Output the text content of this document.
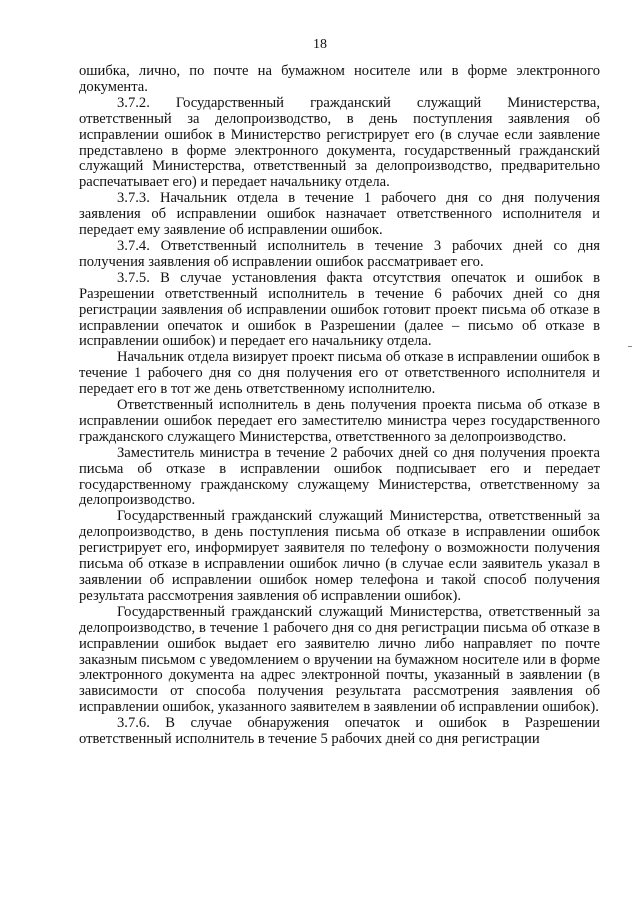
18

ошибка, лично, по почте на бумажном носителе или в форме электронного документа.

3.7.2. Государственный гражданский служащий Министерства, ответственный за делопроизводство, в день поступления заявления об исправлении ошибок в Министерство регистрирует его (в случае если заявление представлено в форме электронного документа, государственный гражданский служащий Министерства, ответственный за делопроизводство, предварительно распечатывает его) и передает начальнику отдела.

3.7.3. Начальник отдела в течение 1 рабочего дня со дня получения заявления об исправлении ошибок назначает ответственного исполнителя и передает ему заявление об исправлении ошибок.

3.7.4. Ответственный исполнитель в течение 3 рабочих дней со дня получения заявления об исправлении ошибок рассматривает его.

3.7.5. В случае установления факта отсутствия опечаток и ошибок в Разрешении ответственный исполнитель в течение 6 рабочих дней со дня регистрации заявления об исправлении ошибок готовит проект письма об отказе в исправлении опечаток и ошибок в Разрешении (далее – письмо об отказе в исправлении ошибок) и передает его начальнику отдела.

Начальник отдела визирует проект письма об отказе в исправлении ошибок в течение 1 рабочего дня со дня получения его от ответственного исполнителя и передает его в тот же день ответственному исполнителю.

Ответственный исполнитель в день получения проекта письма об отказе в исправлении ошибок передает его заместителю министра через государственного гражданского служащего Министерства, ответственного за делопроизводство.

Заместитель министра в течение 2 рабочих дней со дня получения проекта письма об отказе в исправлении ошибок подписывает его и передает государственному гражданскому служащему Министерства, ответственному за делопроизводство.

Государственный гражданский служащий Министерства, ответственный за делопроизводство, в день поступления письма об отказе в исправлении ошибок регистрирует его, информирует заявителя по телефону о возможности получения письма об отказе в исправлении ошибок лично (в случае если заявитель указал в заявлении об исправлении ошибок номер телефона и такой способ получения результата рассмотрения заявления об исправлении ошибок).

Государственный гражданский служащий Министерства, ответственный за делопроизводство, в течение 1 рабочего дня со дня регистрации письма об отказе в исправлении ошибок выдает его заявителю лично либо направляет по почте заказным письмом с уведомлением о вручении на бумажном носителе или в форме электронного документа на адрес электронной почты, указанный в заявлении (в зависимости от способа получения результата рассмотрения заявления об исправлении ошибок, указанного заявителем в заявлении об исправлении ошибок).

3.7.6. В случае обнаружения опечаток и ошибок в Разрешении ответственный исполнитель в течение 5 рабочих дней со дня регистрации
